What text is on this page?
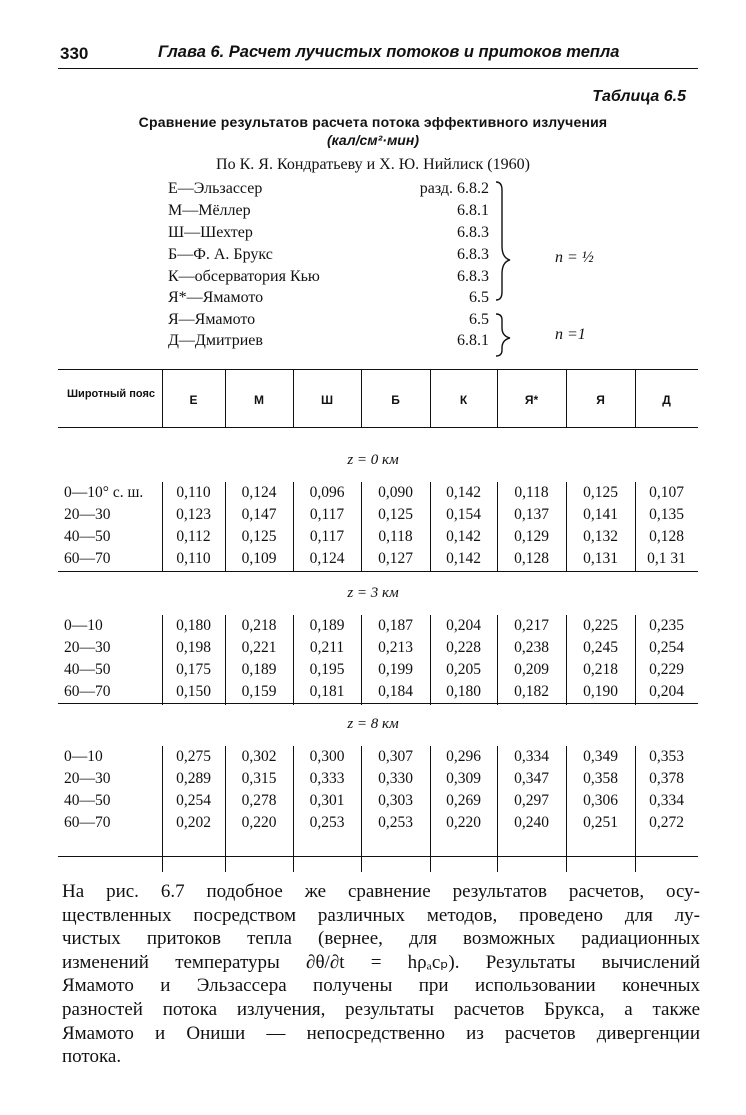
330	Глава 6. Расчет лучистых потоков и притоков тепла
Таблица 6.5
Сравнение результатов расчета потока эффективного излучения
(кал/см²·мин)
По К. Я. Кондратьеву и Х. Ю. Нийлиск (1960)
Е—Эльзассер	разд. 6.8.2
М—Мёллер	6.8.1
Ш—Шехтер	6.8.3
Б—Ф. А. Брукс	6.8.3
К—обсерватория Кью	6.8.3
Я*—Ямамото	6.5
Я—Ямамото	6.5
Д—Дмитриев	6.8.1
n = ½
n =1
Широтный пояс	Е	М	Ш	Б	К	Я*	Я	Д
z = 0 км
0—10° с. ш.	0,110	0,124	0,096	0,090	0,142	0,118	0,125	0,107
20—30	0,123	0,147	0,117	0,125	0,154	0,137	0,141	0,135
40—50	0,112	0,125	0,117	0,118	0,142	0,129	0,132	0,128
60—70	0,110	0,109	0,124	0,127	0,142	0,128	0,131	0,1 31
z = 3 км
0—10	0,180	0,218	0,189	0,187	0,204	0,217	0,225	0,235
20—30	0,198	0,221	0,211	0,213	0,228	0,238	0,245	0,254
40—50	0,175	0,189	0,195	0,199	0,205	0,209	0,218	0,229
60—70	0,150	0,159	0,181	0,184	0,180	0,182	0,190	0,204
z = 8 км
0—10	0,275	0,302	0,300	0,307	0,296	0,334	0,349	0,353
20—30	0,289	0,315	0,333	0,330	0,309	0,347	0,358	0,378
40—50	0,254	0,278	0,301	0,303	0,269	0,297	0,306	0,334
60—70	0,202	0,220	0,253	0,253	0,220	0,240	0,251	0,272
На рис. 6.7 подобное же сравнение результатов расчетов, осу-
ществленных посредством различных методов, проведено для лу-
чистых притоков тепла (вернее, для возможных радиационных
изменений температуры ∂θ/∂t = hρₐcₚ). Результаты вычислений
Ямамото и Эльзассера получены при использовании конечных
разностей потока излучения, результаты расчетов Брукса, а также
Ямамото и Ониши — непосредственно из расчетов дивергенции
потока.
